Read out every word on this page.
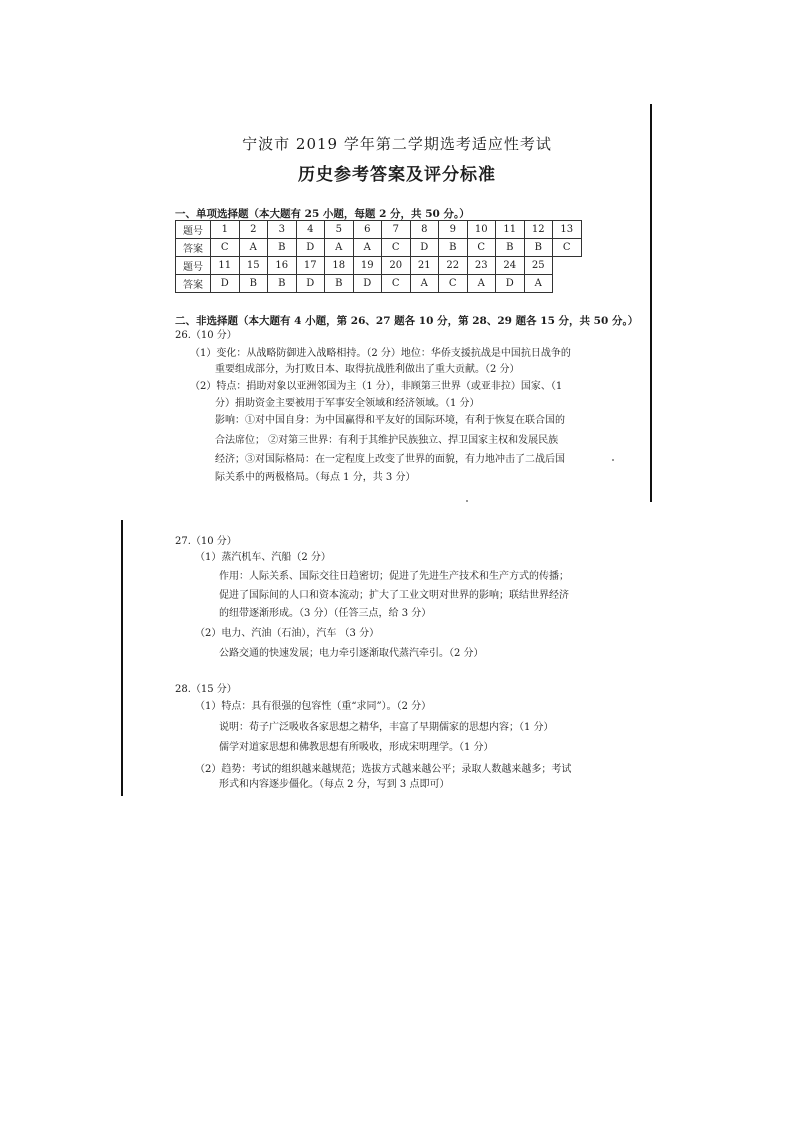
宁波市 2019 学年第二学期选考适应性考试
历史参考答案及评分标准
一、单项选择题（本大题有 25 小题，每题 2 分，共 50 分。）
题号	1	2	3	4	5	6	7	8	9	10	11	12	13
答案	C	A	B	D	A	A	C	D	B	C	B	B	C
题号	11	15	16	17	18	19	20	21	22	23	24	25	
答案	D	B	B	D	B	D	C	A	C	A	D	A	
二、非选择题（本大题有 4 小题，第 26、27 题各 10 分，第 28、29 题各 15 分，共 50 分。）
26.（10 分）
（1）变化：从战略防御进入战略相持。（2 分）地位：华侨支援抗战是中国抗日战争的
重要组成部分，为打败日本、取得抗战胜利做出了重大贡献。（2 分）
（2）特点：捐助对象以亚洲邻国为主（1 分），非顾第三世界（或亚非拉）国家、（1
分）捐助资金主要被用于军事安全领域和经济领域。（1 分）
影响：①对中国自身：为中国赢得和平友好的国际环境，有利于恢复在联合国的
合法席位； ②对第三世界：有利于其维护民族独立、捍卫国家主权和发展民族
经济；③对国际格局：在一定程度上改变了世界的面貌，有力地冲击了二战后国
际关系中的两极格局。（每点 1 分，共 3 分）
27.（10 分）
（1）蒸汽机车、汽船（2 分）
作用：人际关系、国际交往日趋密切；促进了先进生产技术和生产方式的传播；
促进了国际间的人口和资本流动；扩大了工业文明对世界的影响；联结世界经济
的纽带逐渐形成。（3 分）（任答三点，给 3 分）
（2）电力、汽油（石油），汽车 （3 分）
公路交通的快速发展；电力牵引逐渐取代蒸汽牵引。（2 分）
28.（15 分）
（1）特点：具有很强的包容性（重“求同”）。（2 分）
说明：荀子广泛吸收各家思想之精华，丰富了早期儒家的思想内容；（1 分）
儒学对道家思想和佛教思想有所吸收，形成宋明理学。（1 分）
（2）趋势：考试的组织越来越规范；选拔方式越来越公平；录取人数越来越多；考试
形式和内容逐步僵化。（每点 2 分，写到 3 点即可）
